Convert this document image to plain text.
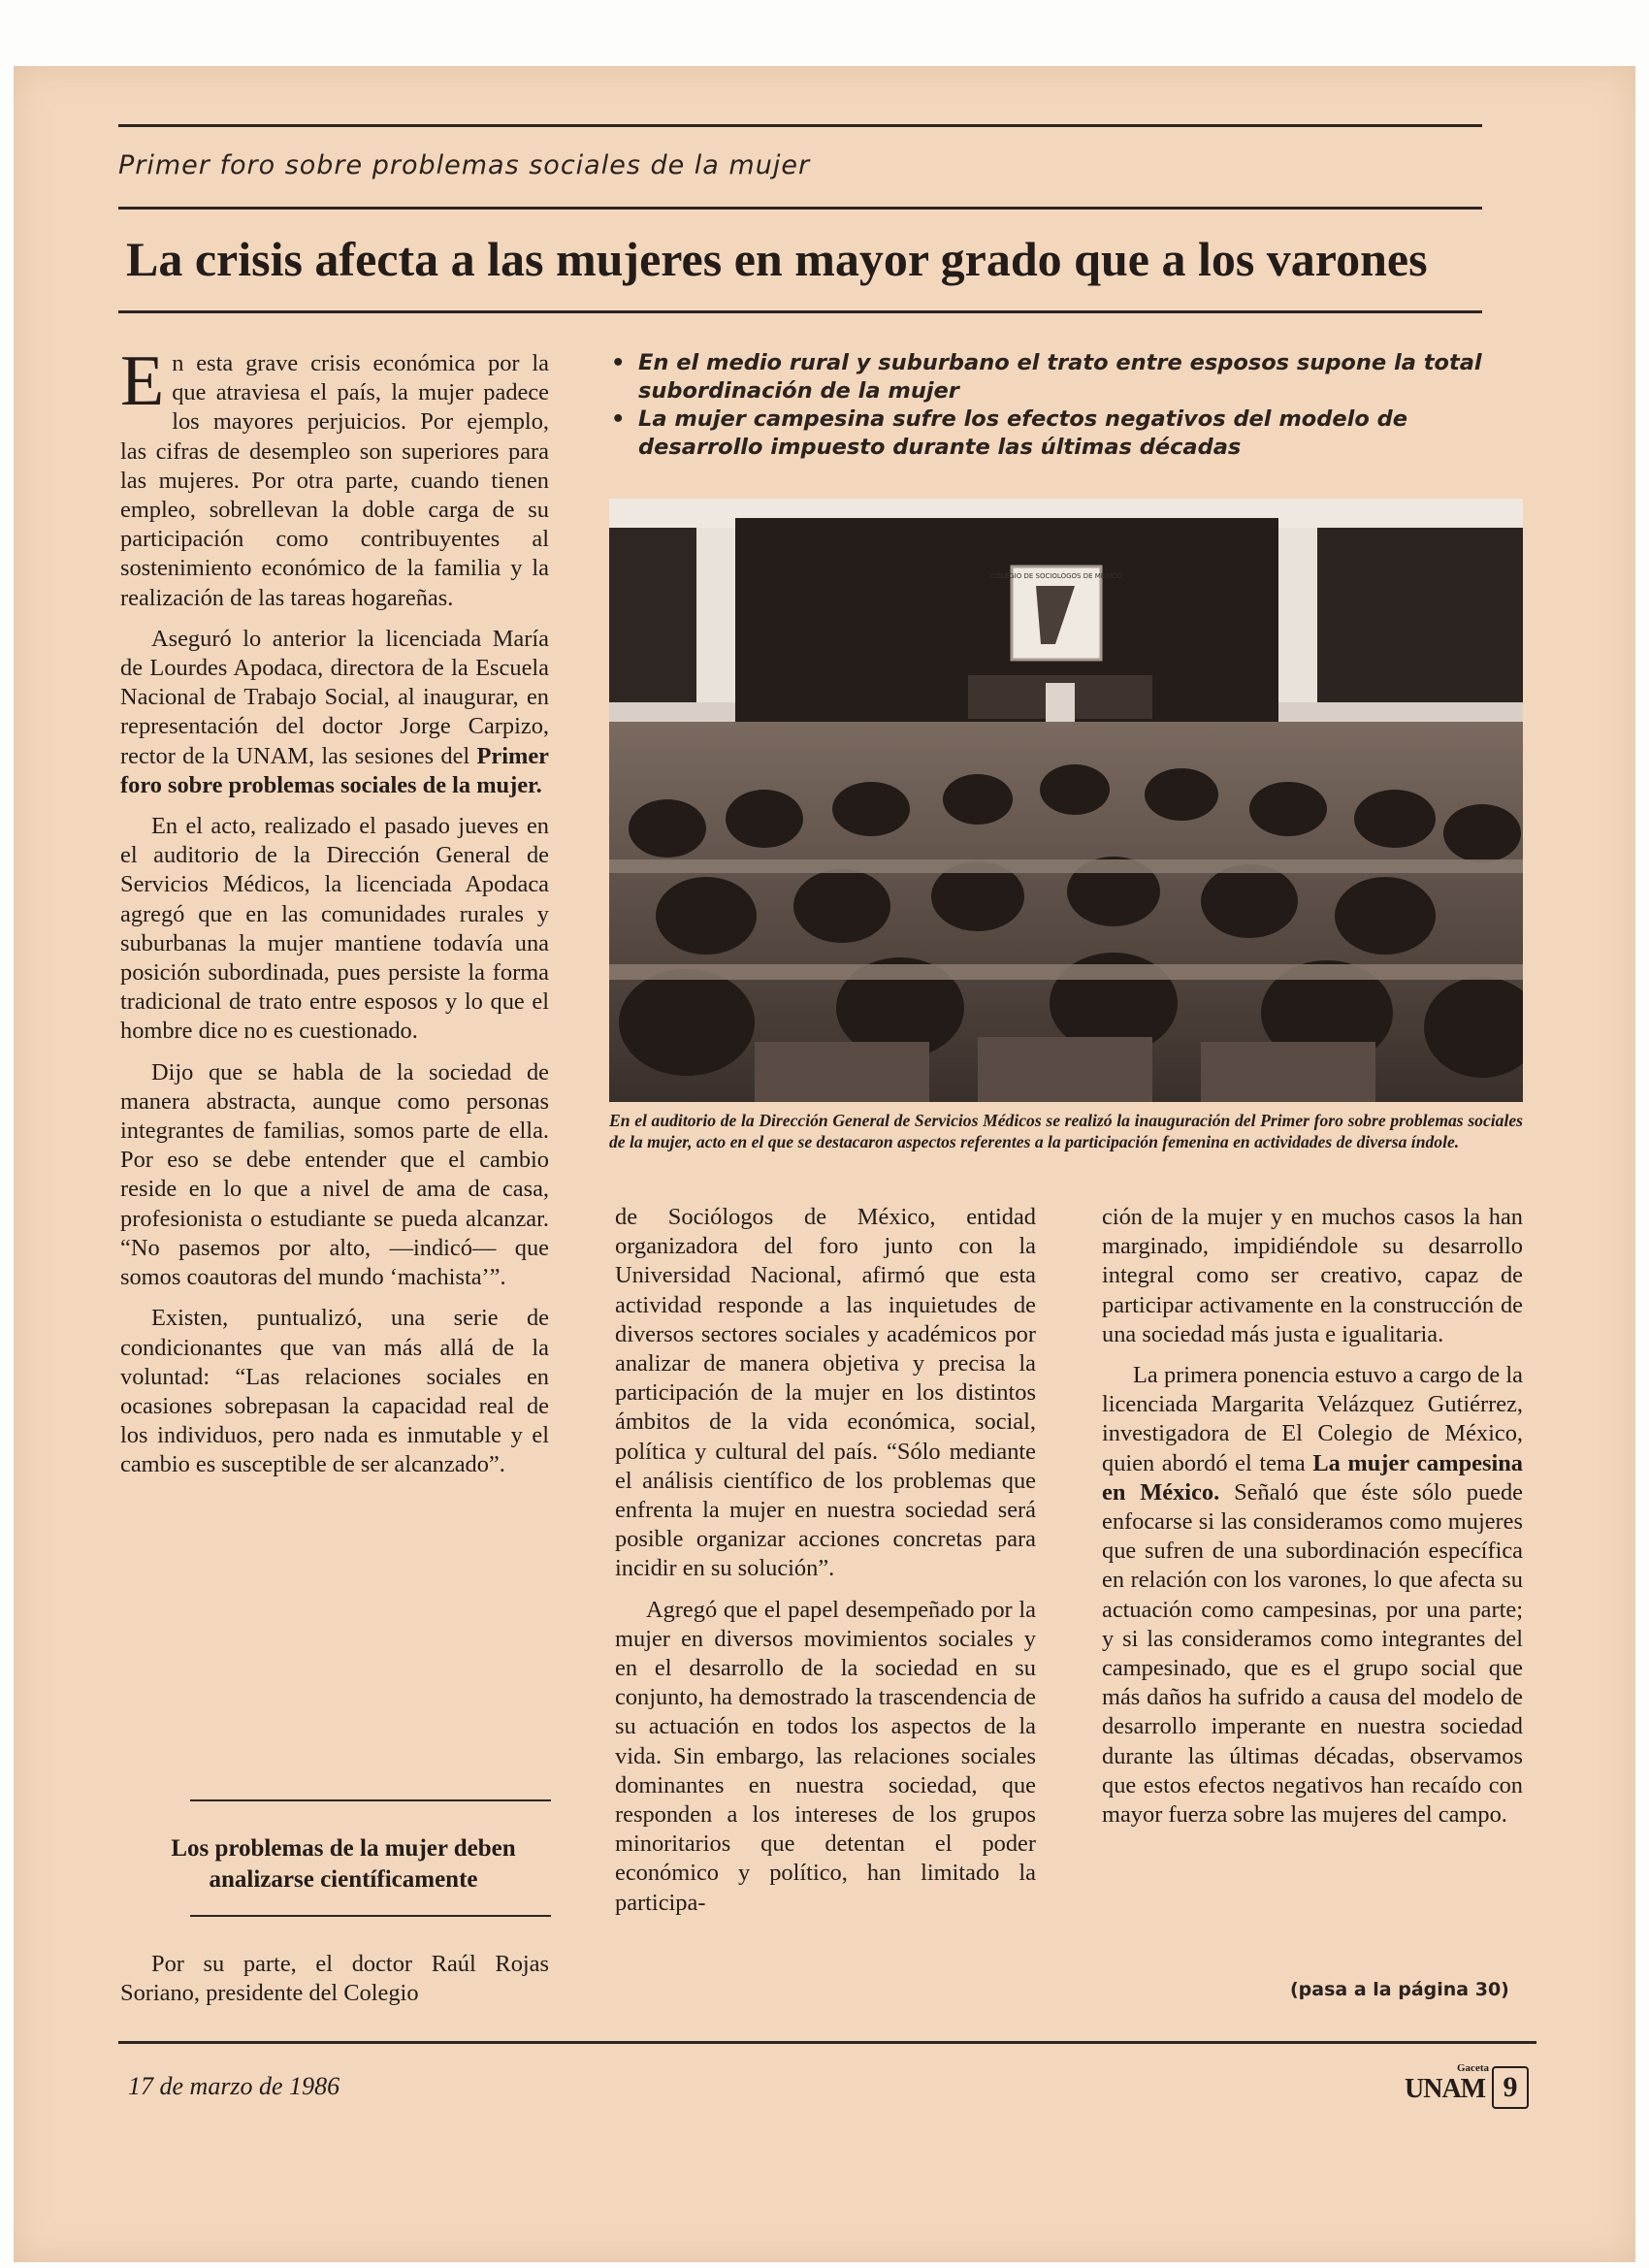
Primer foro sobre problemas sociales de la mujer
La crisis afecta a las mujeres en mayor grado que a los varones

En esta grave crisis económica por la que atraviesa el país, la mujer padece los mayores perjuicios. Por ejemplo, las cifras de desempleo son superiores para las mujeres. Por otra parte, cuando tienen empleo, sobrellevan la doble carga de su participación como contribuyentes al sostenimiento económico de la familia y la realización de las tareas hogareñas.

Aseguró lo anterior la licenciada María de Lourdes Apodaca, directora de la Escuela Nacional de Trabajo Social, al inaugurar, en representación del doctor Jorge Carpizo, rector de la UNAM, las sesiones del Primer foro sobre problemas sociales de la mujer.

En el acto, realizado el pasado jueves en el auditorio de la Dirección General de Servicios Médicos, la licenciada Apodaca agregó que en las comunidades rurales y suburbanas la mujer mantiene todavía una posición subordinada, pues persiste la forma tradicional de trato entre esposos y lo que el hombre dice no es cuestionado.

Dijo que se habla de la sociedad de manera abstracta, aunque como personas integrantes de familias, somos parte de ella. Por eso se debe entender que el cambio reside en lo que a nivel de ama de casa, profesionista o estudiante se pueda alcanzar. “No pasemos por alto, —indicó— que somos coautoras del mundo ‘machista’”.

Existen, puntualizó, una serie de condicionantes que van más allá de la voluntad: “Las relaciones sociales en ocasiones sobrepasan la capacidad real de los individuos, pero nada es inmutable y el cambio es susceptible de ser alcanzado”.

Los problemas de la mujer deben analizarse científicamente

Por su parte, el doctor Raúl Rojas Soriano, presidente del Colegio

• En el medio rural y suburbano el trato entre esposos supone la total subordinación de la mujer
• La mujer campesina sufre los efectos negativos del modelo de desarrollo impuesto durante las últimas décadas
COLEGIO DE SOCIOLOGOS DE MEXICO
En el auditorio de la Dirección General de Servicios Médicos se realizó la inauguración del Primer foro sobre problemas sociales de la mujer, acto en el que se destacaron aspectos referentes a la participación femenina en actividades de diversa índole.

de Sociólogos de México, entidad organizadora del foro junto con la Universidad Nacional, afirmó que esta actividad responde a las inquietudes de diversos sectores sociales y académicos por analizar de manera objetiva y precisa la participación de la mujer en los distintos ámbitos de la vida económica, social, política y cultural del país. “Sólo mediante el análisis científico de los problemas que enfrenta la mujer en nuestra sociedad será posible organizar acciones concretas para incidir en su solución”.

Agregó que el papel desempeñado por la mujer en diversos movimientos sociales y en el desarrollo de la sociedad en su conjunto, ha demostrado la trascendencia de su actuación en todos los aspectos de la vida. Sin embargo, las relaciones sociales dominantes en nuestra sociedad, que responden a los intereses de los grupos minoritarios que detentan el poder económico y político, han limitado la participa-

ción de la mujer y en muchos casos la han marginado, impidiéndole su desarrollo integral como ser creativo, capaz de participar activamente en la construcción de una sociedad más justa e igualitaria.

La primera ponencia estuvo a cargo de la licenciada Margarita Velázquez Gutiérrez, investigadora de El Colegio de México, quien abordó el tema La mujer campesina en México. Señaló que éste sólo puede enfocarse si las consideramos como mujeres que sufren de una subordinación específica en relación con los varones, lo que afecta su actuación como campesinas, por una parte; y si las consideramos como integrantes del campesinado, que es el grupo social que más daños ha sufrido a causa del modelo de desarrollo imperante en nuestra sociedad durante las últimas décadas, observamos que estos efectos negativos han recaído con mayor fuerza sobre las mujeres del campo.

(pasa a la página 30)
17 de marzo de 1986
Gaceta
UNAM 9
